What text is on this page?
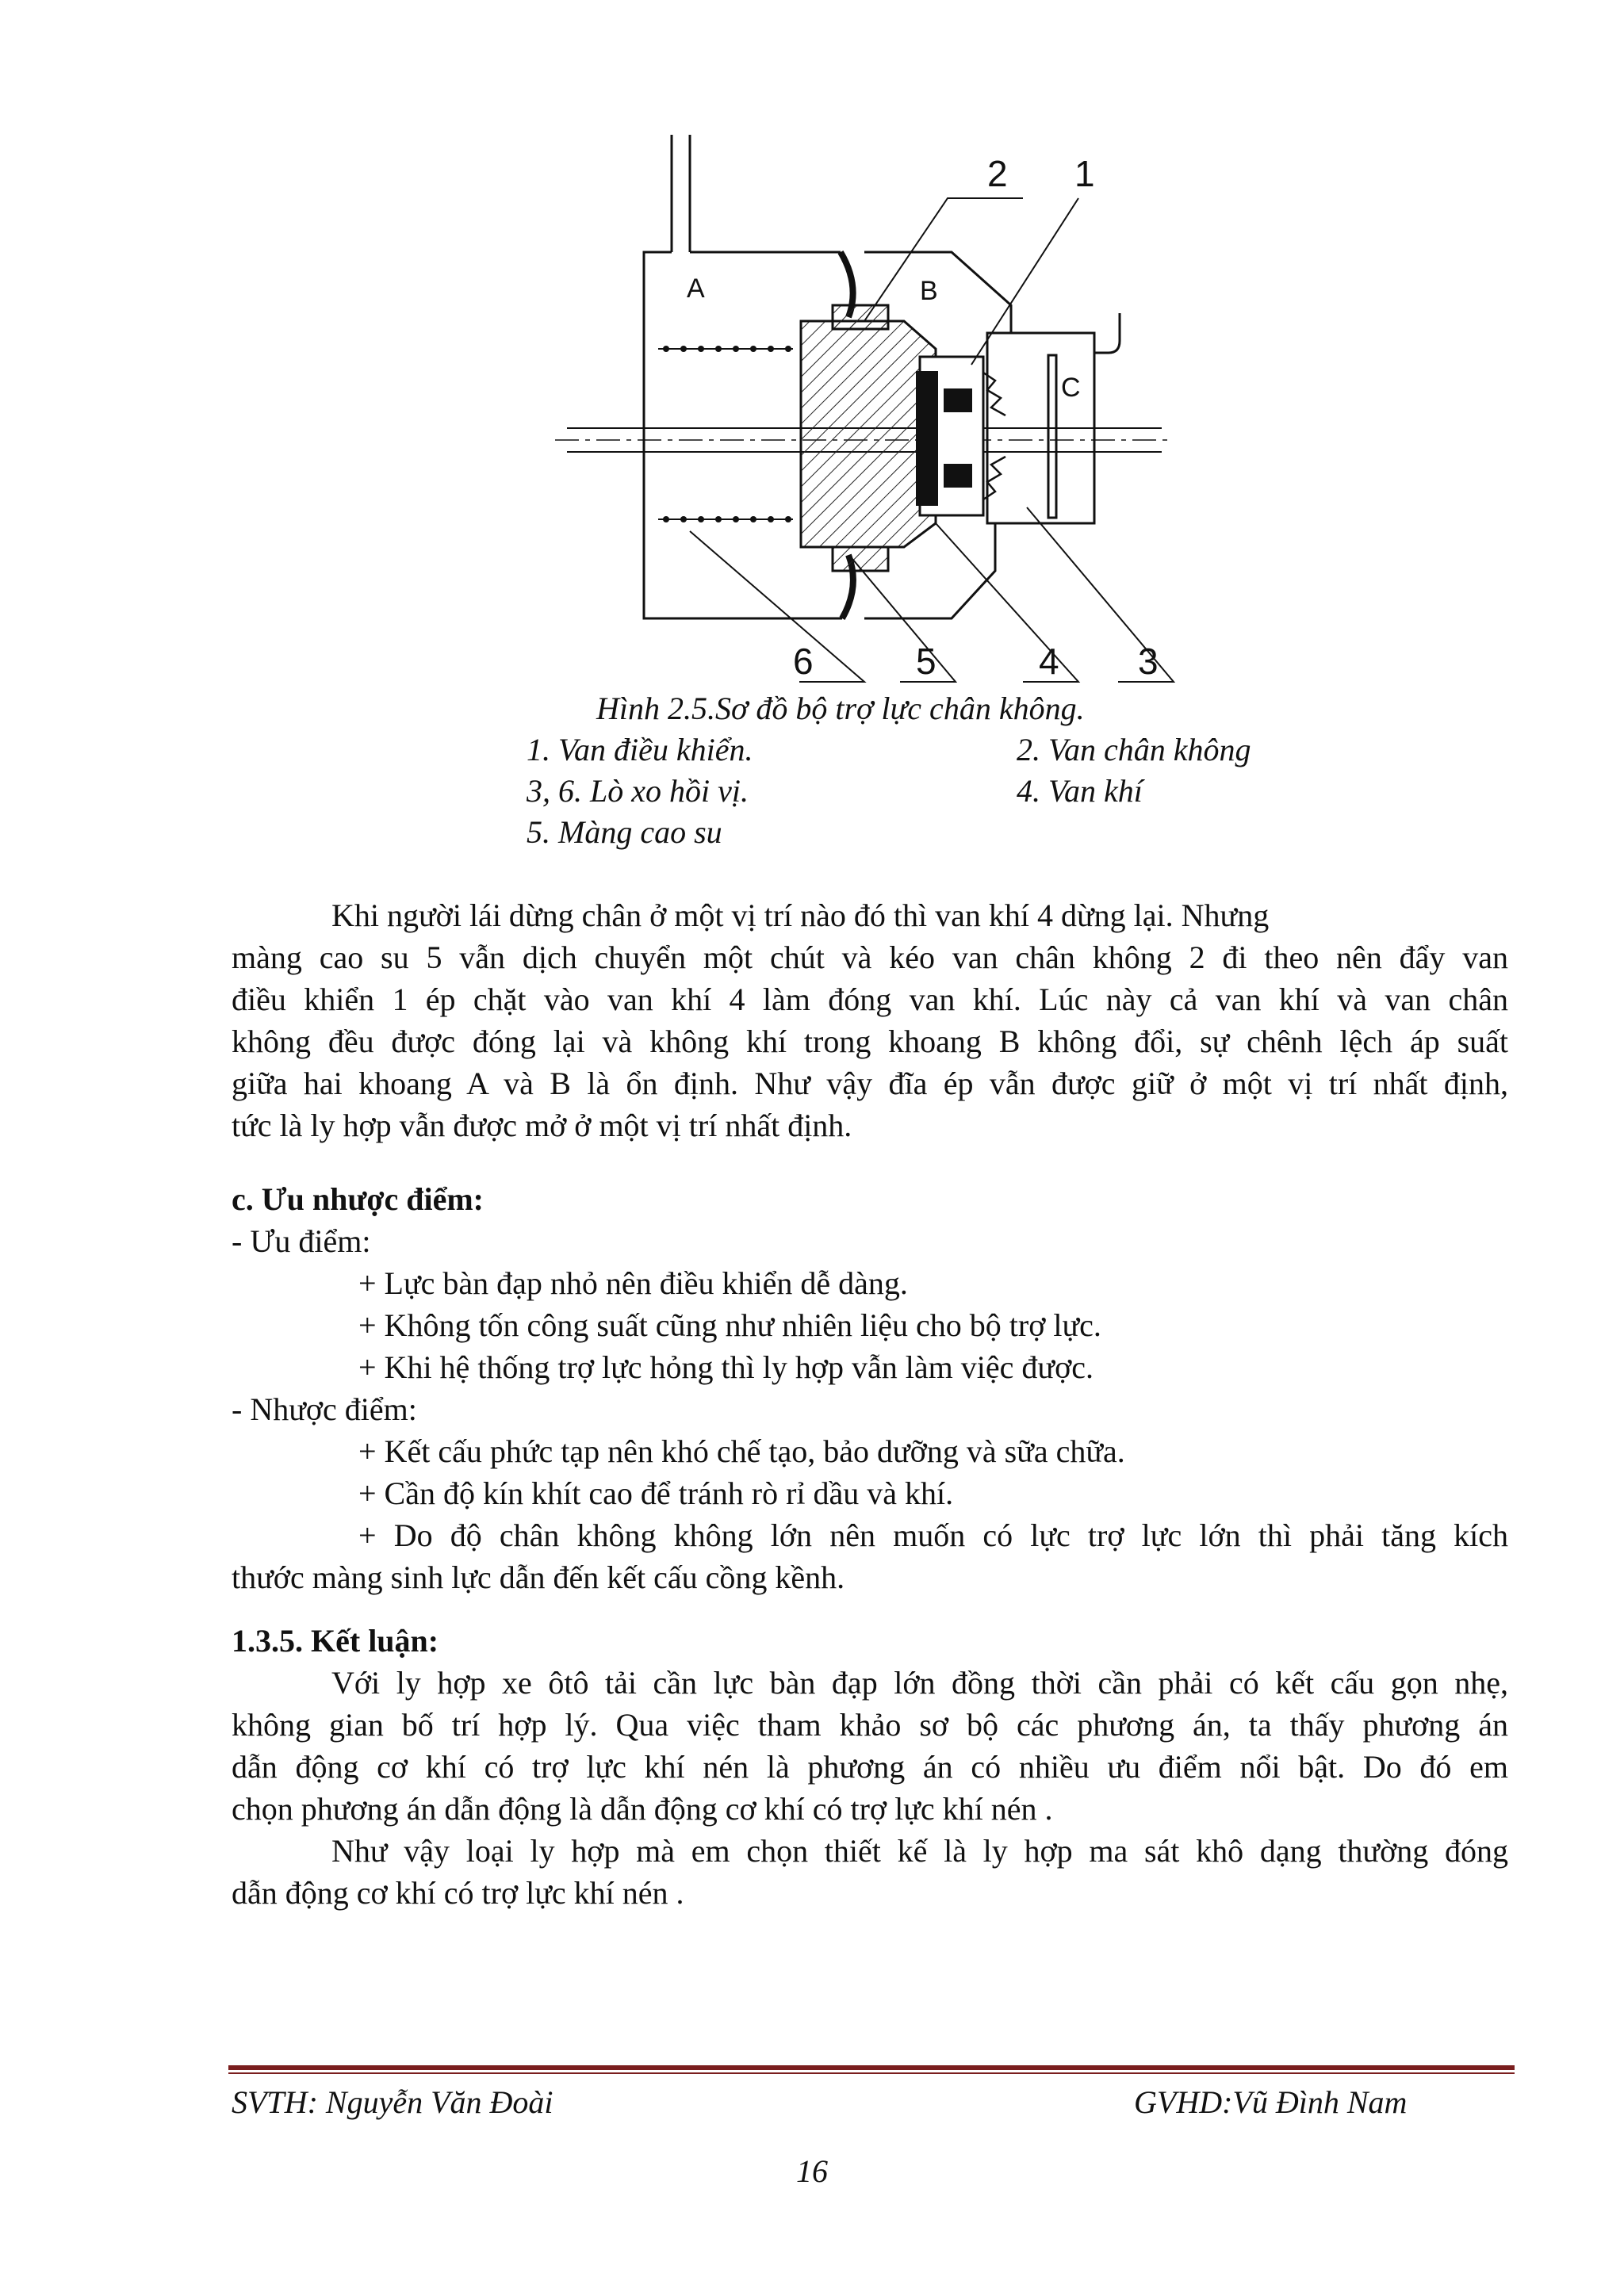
2 1
6	5	4 3
A	B
C
Hình 2.5.Sơ đồ bộ trợ lực chân không.
1. Van điều khiển.	2. Van chân không
3, 6. Lò xo hồi vị.	4. Van khí
5. Màng cao su
Khi người lái dừng chân ở một vị trí nào đó thì van khí 4 dừng lại. Nhưng
màng cao su 5 vẫn dịch chuyển một chút và kéo van chân không 2 đi theo nên đẩy van
điều khiển 1 ép chặt vào van khí 4 làm đóng van khí. Lúc này cả van khí và van chân
không đều được đóng lại và không khí trong khoang B không đổi, sự chênh lệch áp suất
giữa hai khoang A và B là ổn định. Như vậy đĩa ép vẫn được giữ ở một vị trí nhất định,
tức là ly hợp vẫn được mở ở một vị trí nhất định.
c. Ưu nhược điểm:
- Ưu điểm:
+ Lực bàn đạp nhỏ nên điều khiển dễ dàng.
+ Không tốn công suất cũng như nhiên liệu cho bộ trợ lực.
+ Khi hệ thống trợ lực hỏng thì ly hợp vẫn làm việc được.
- Nhược điểm:
+ Kết cấu phức tạp nên khó chế tạo, bảo dưỡng và sữa chữa.
+ Cần độ kín khít cao để tránh rò rỉ dầu và khí.
+ Do độ chân không không lớn nên muốn có lực trợ lực lớn thì phải tăng kích
thước màng sinh lực dẫn đến kết cấu cồng kềnh.
1.3.5. Kết luận:
Với ly hợp xe ôtô tải cần lực bàn đạp lớn đồng thời cần phải có kết cấu gọn nhẹ,
không gian bố trí hợp lý. Qua việc tham khảo sơ bộ các phương án, ta thấy phương án
dẫn động cơ khí có trợ lực khí nén là phương án có nhiều ưu điểm nổi bật. Do đó em
chọn phương án dẫn động là dẫn động cơ khí có trợ lực khí nén .
Như vậy loại ly hợp mà em chọn thiết kế là ly hợp ma sát khô dạng thường đóng
dẫn động cơ khí có trợ lực khí nén .
SVTH: Nguyễn Văn Đoài	GVHD:Vũ Đình Nam
16
